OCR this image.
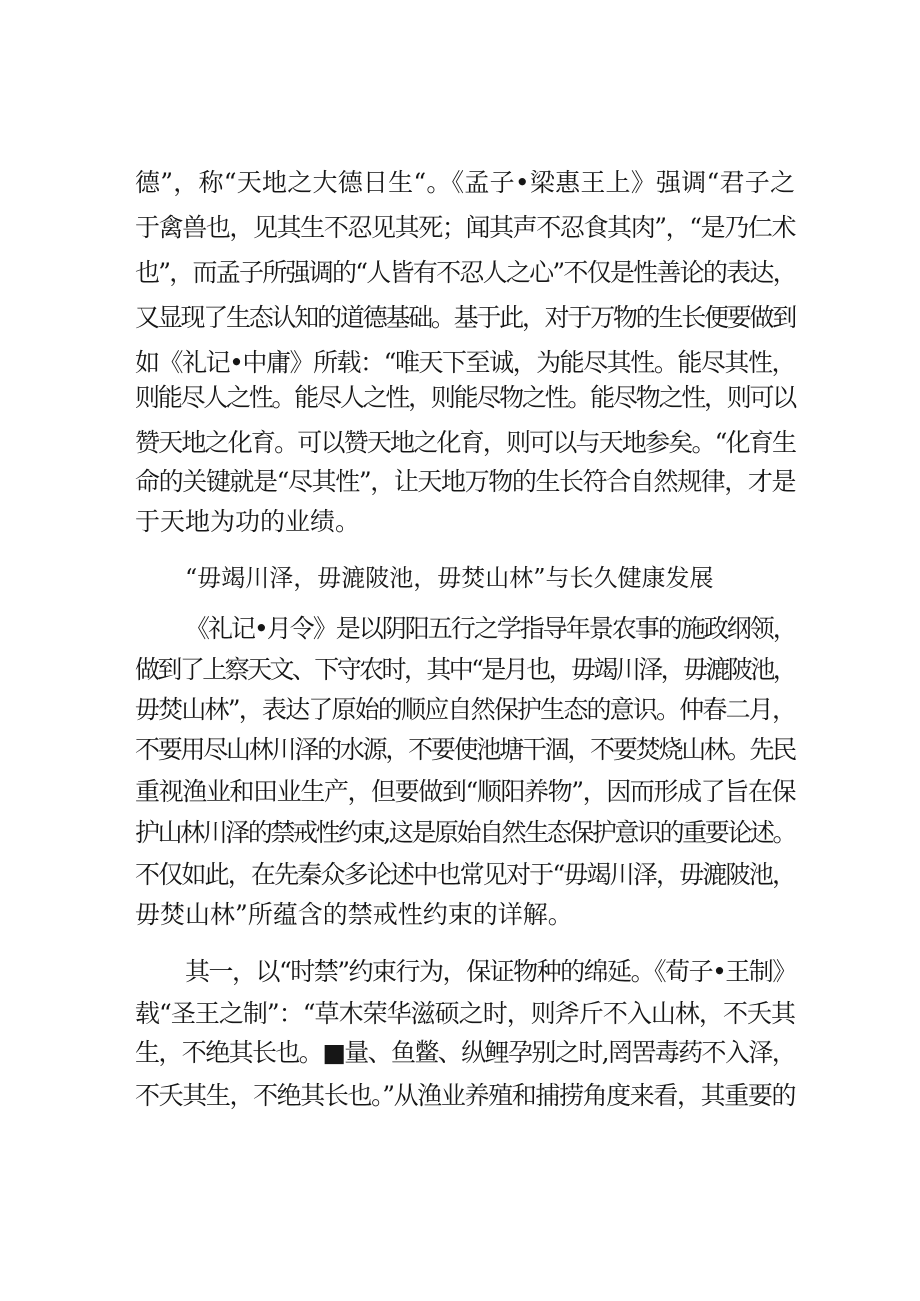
德”，称“天地之大德日生“。《孟子•梁惠王上》强调“君子之

于禽兽也，见其生不忍见其死；闻其声不忍食其肉”，“是乃仁术

也”，而孟子所强调的“人皆有不忍人之心”不仅是性善论的表达，

又显现了生态认知的道德基础。基于此，对于万物的生长便要做到

如《礼记•中庸》所载：“唯天下至诚，为能尽其性。能尽其性，

则能尽人之性。能尽人之性，则能尽物之性。能尽物之性，则可以

赞天地之化育。可以赞天地之化育，则可以与天地参矣。“化育生

命的关键就是“尽其性”，让天地万物的生长符合自然规律，才是

于天地为功的业绩。

“毋竭川泽，毋漉陂池，毋焚山林”与长久健康发展

《礼记•月令》是以阴阳五行之学指导年景农事的施政纲领，

做到了上察天文、下守农时，其中“是月也，毋竭川泽，毋漉陂池，

毋焚山林”，表达了原始的顺应自然保护生态的意识。仲春二月，

不要用尽山林川泽的水源，不要使池塘干涸，不要焚烧山林。先民

重视渔业和田业生产，但要做到“顺阳养物”，因而形成了旨在保

护山林川泽的禁戒性约束,这是原始自然生态保护意识的重要论述。

不仅如此，在先秦众多论述中也常见对于“毋竭川泽，毋漉陂池，

毋焚山林”所蕴含的禁戒性约束的详解。

其一，以“时禁”约束行为，保证物种的绵延。《荀子•王制》

载“圣王之制”：“草木荣华滋硕之时，则斧斤不入山林，不夭其

生，不绝其长也。■量、鱼鳖、纵鲤孕别之时,罔罟毒药不入泽，

不夭其生，不绝其长也。”从渔业养殖和捕捞角度来看，其重要的
